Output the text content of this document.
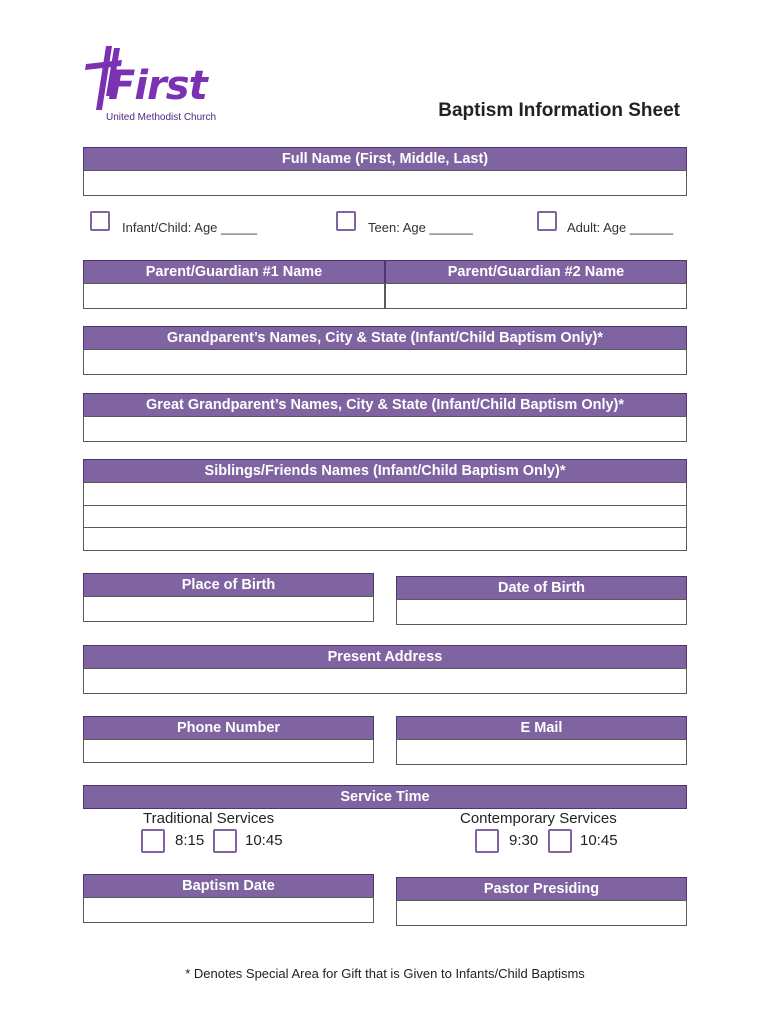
First
United Methodist Church	Baptism Information Sheet
Full Name (First, Middle, Last)
Infant/Child: Age _____	Teen: Age ______	Adult: Age ______
Parent/Guardian #1 Name	Parent/Guardian #2 Name
Grandparent’s Names, City & State (Infant/Child Baptism Only)*
Great Grandparent’s Names, City & State (Infant/Child Baptism Only)*
Siblings/Friends Names (Infant/Child Baptism Only)*
Place of Birth	Date of Birth
Present Address
Phone Number	E Mail
Service Time
Traditional Services
8:15	10:45
Contemporary Services
9:30	10:45
Baptism Date	Pastor Presiding
* Denotes Special Area for Gift that is Given to Infants/Child Baptisms
